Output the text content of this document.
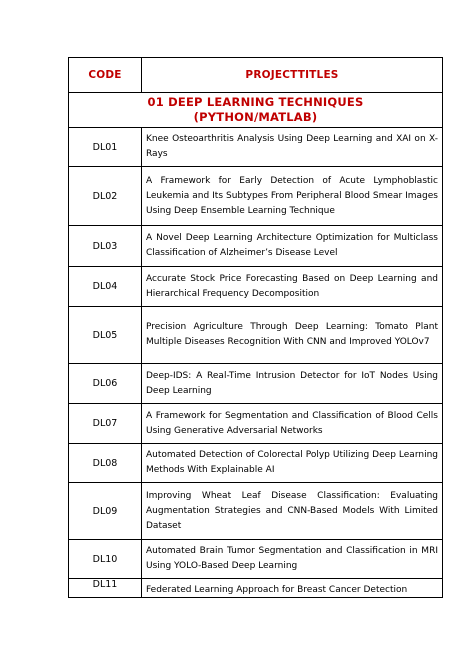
CODE	PROJECTTITLES

01 DEEP LEARNING TECHNIQUES
(PYTHON/MATLAB)	

DL01	Knee Osteoarthritis Analysis Using Deep Learning and XAI on X-Rays

DL02	A Framework for Early Detection of Acute Lymphoblastic Leukemia and Its Subtypes From Peripheral Blood Smear Images Using Deep Ensemble Learning Technique

DL03	A Novel Deep Learning Architecture Optimization for Multiclass Classification of Alzheimer’s Disease Level

DL04	Accurate Stock Price Forecasting Based on Deep Learning and Hierarchical Frequency Decomposition

DL05	Precision Agriculture Through Deep Learning: Tomato Plant Multiple Diseases Recognition With CNN and Improved YOLOv7

DL06	Deep-IDS: A Real-Time Intrusion Detector for IoT Nodes Using Deep Learning

DL07	A Framework for Segmentation and Classification of Blood Cells Using Generative Adversarial Networks

DL08	Automated Detection of Colorectal Polyp Utilizing Deep Learning Methods With Explainable AI

DL09	Improving Wheat Leaf Disease Classification: Evaluating Augmentation Strategies and CNN-Based Models With Limited Dataset

DL10	Automated Brain Tumor Segmentation and Classification in MRI Using YOLO-Based Deep Learning

DL11	Federated Learning Approach for Breast Cancer Detection
